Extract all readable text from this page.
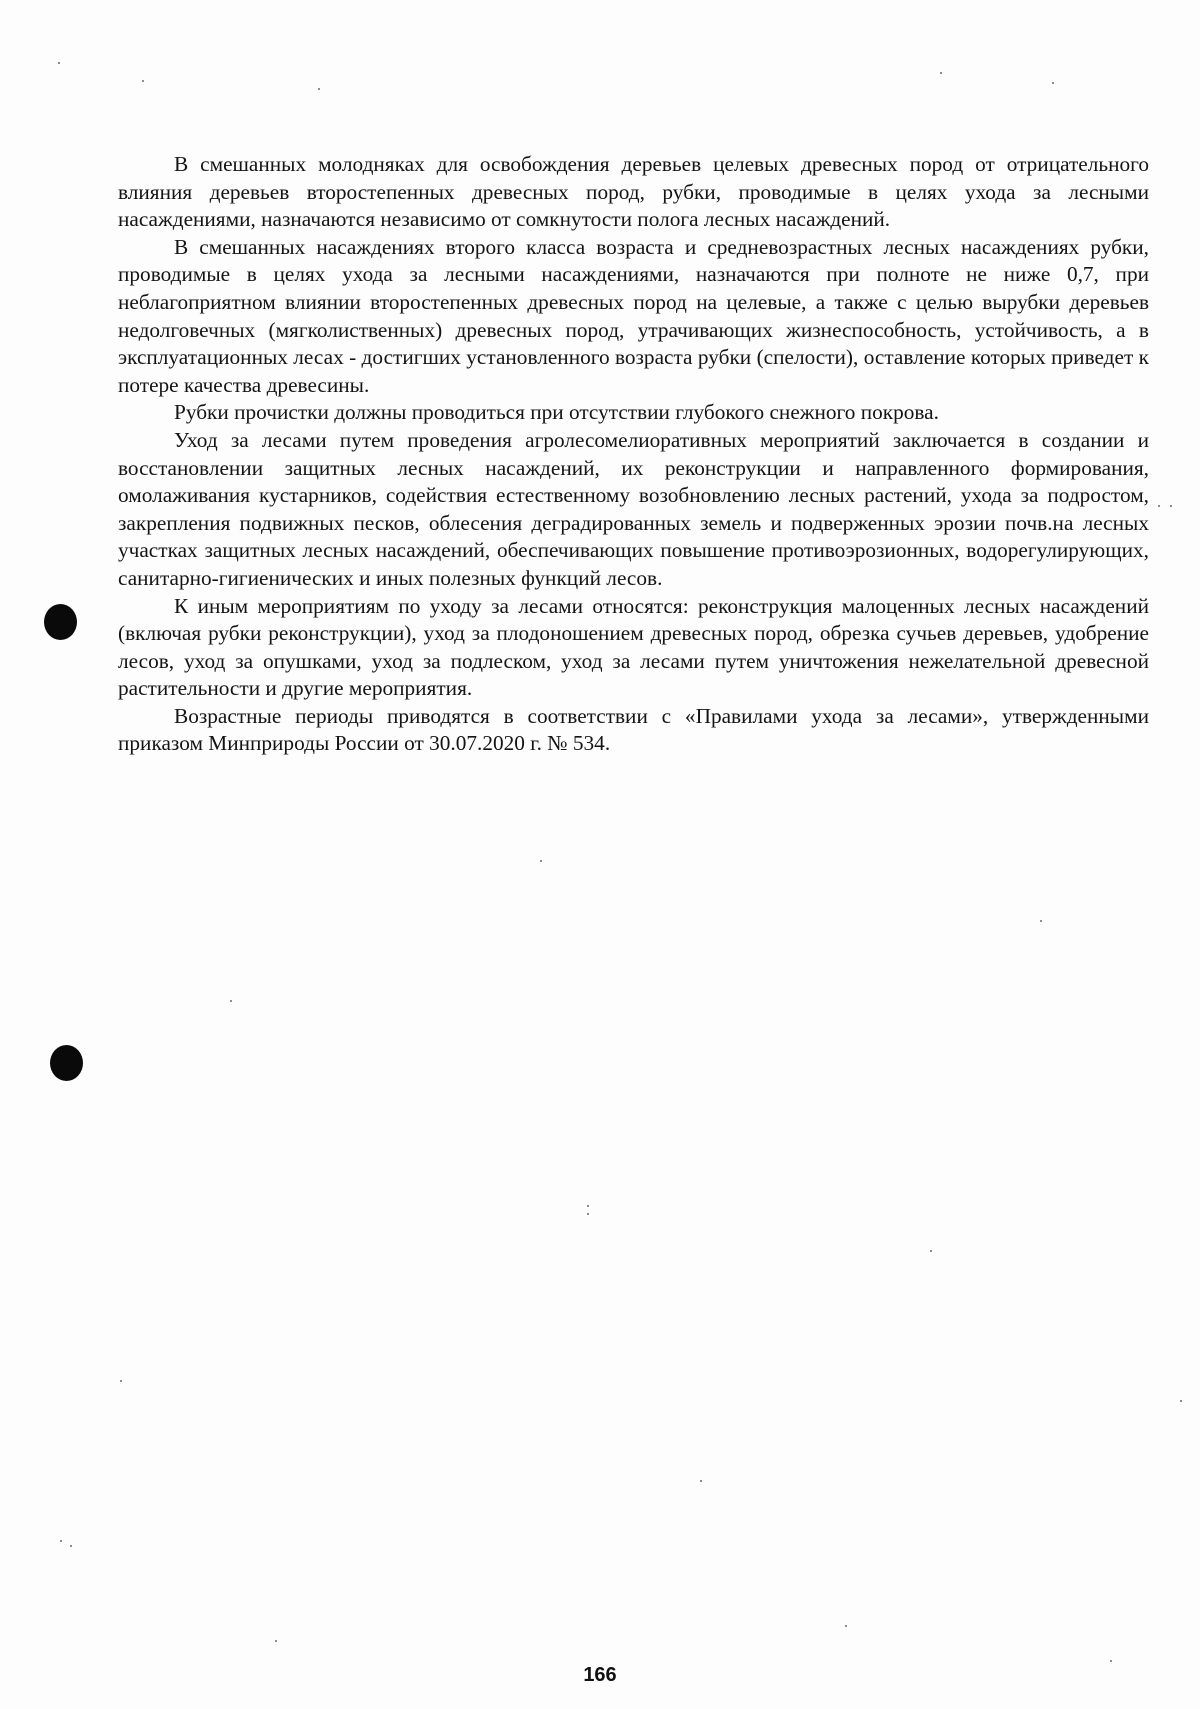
В смешанных молодняках для освобождения деревьев целевых древесных пород от отрицательного влияния деревьев второстепенных древесных пород, рубки, проводимые в целях ухода за лесными насаждениями, назначаются независимо от сомкнутости полога лесных насаждений.

В смешанных насаждениях второго класса возраста и средневозрастных лесных насаждениях рубки, проводимые в целях ухода за лесными насаждениями, назначаются при полноте не ниже 0,7, при неблагоприятном влиянии второстепенных древесных пород на целевые, а также с целью вырубки деревьев недолговечных (мягколиственных) древесных пород, утрачивающих жизнеспособность, устойчивость, а в эксплуатационных лесах - достигших установленного возраста рубки (спелости), оставление которых приведет к потере качества древесины.

Рубки прочистки должны проводиться при отсутствии глубокого снежного покрова.

Уход за лесами путем проведения агролесомелиоративных мероприятий заключается в создании и восстановлении защитных лесных насаждений, их реконструкции и направленного формирования, омолаживания кустарников, содействия естественному возобновлению лесных растений, ухода за подростом, закрепления подвижных песков, облесения деградированных земель и подверженных эрозии почв.на лесных участках защитных лесных насаждений, обеспечивающих повышение противоэрозионных, водорегулирующих, санитарно-гигиенических и иных полезных функций лесов.

К иным мероприятиям по уходу за лесами относятся: реконструкция малоценных лесных насаждений (включая рубки реконструкции), уход за плодоношением древесных пород, обрезка сучьев деревьев, удобрение лесов, уход за опушками, уход за подлеском, уход за лесами путем уничтожения нежелательной древесной растительности и другие мероприятия.

Возрастные периоды приводятся в соответствии с «Правилами ухода за лесами», утвержденными приказом Минприроды России от 30.07.2020 г. № 534.

166
